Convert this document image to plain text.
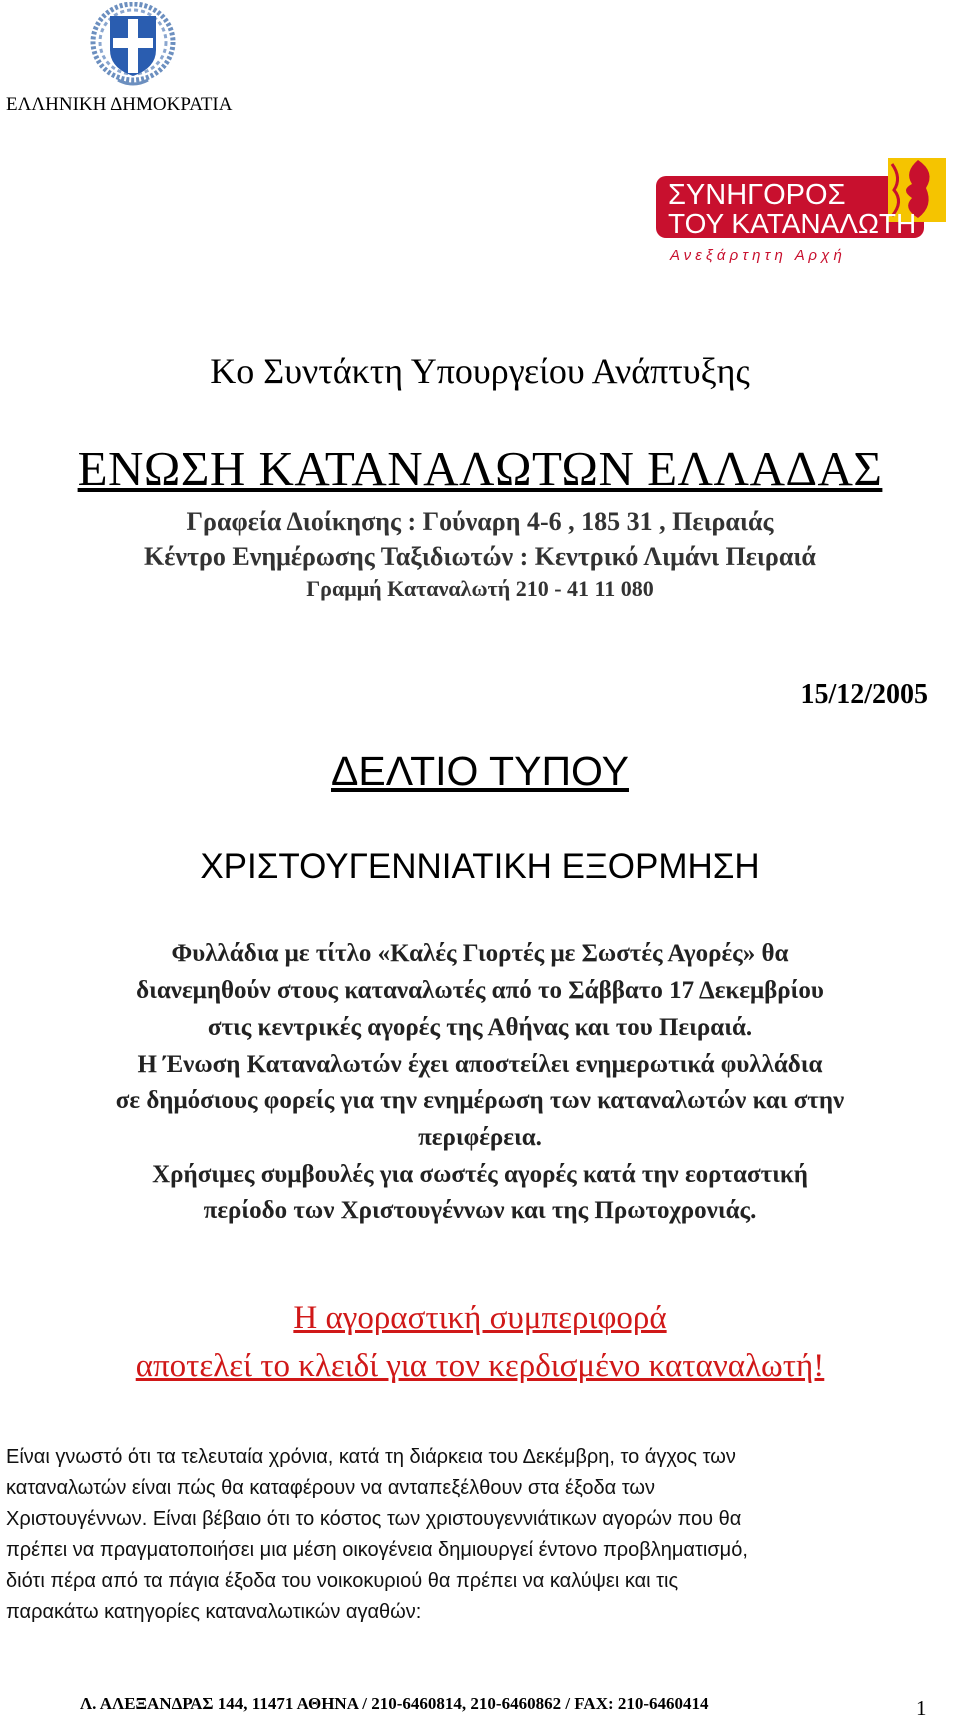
ΕΛΛΗΝΙΚΗ ΔΗΜΟΚΡΑΤΙΑ
ΣΥΝΗΓΟΡΟΣ
ΤΟΥ ΚΑΤΑΝΑΛΩΤΗ
Α ν ε ξ ά ρ τ η τ η   Α ρ χ ή
Κο Συντάκτη Υπουργείου Ανάπτυξης
ΕΝΩΣΗ ΚΑΤΑΝΑΛΩΤΩΝ ΕΛΛΑΔΑΣ
Γραφεία Διοίκησης : Γούναρη 4-6 , 185 31 , Πειραιάς
Κέντρο Ενημέρωσης Ταξιδιωτών : Κεντρικό Λιμάνι Πειραιά
Γραμμή Καταναλωτή 210 - 41 11 080
15/12/2005
ΔΕΛΤΙΟ ΤΥΠΟΥ
ΧΡΙΣΤΟΥΓΕΝΝΙΑΤΙΚΗ ΕΞΟΡΜΗΣΗ
Φυλλάδια με τίτλο «Καλές Γιορτές με Σωστές Αγορές» θα
διανεμηθούν στους καταναλωτές από το Σάββατο 17 Δεκεμβρίου
στις κεντρικές αγορές της Αθήνας και του Πειραιά.
Η Ένωση Καταναλωτών έχει αποστείλει ενημερωτικά φυλλάδια
σε δημόσιους φορείς για την ενημέρωση των καταναλωτών και στην
περιφέρεια.
Χρήσιμες συμβουλές για σωστές αγορές κατά την εορταστική
περίοδο των Χριστουγέννων και της Πρωτοχρονιάς.
Η αγοραστική συμπεριφορά
αποτελεί το κλειδί για τον κερδισμένο καταναλωτή!
Είναι γνωστό ότι τα τελευταία χρόνια, κατά τη διάρκεια του Δεκέμβρη, το άγχος των
καταναλωτών είναι πώς θα καταφέρουν να ανταπεξέλθουν στα έξοδα των
Χριστουγέννων. Είναι βέβαιο ότι το κόστος των χριστουγεννιάτικων αγορών που θα
πρέπει να πραγματοποιήσει μια μέση οικογένεια δημιουργεί έντονο προβληματισμό,
διότι πέρα από τα πάγια έξοδα του νοικοκυριού θα πρέπει να καλύψει και τις
παρακάτω κατηγορίες καταναλωτικών αγαθών:
Λ. ΑΛΕΞΑΝΔΡΑΣ 144, 11471 ΑΘΗΝΑ / 210-6460814, 210-6460862 / FAX: 210-6460414	1
